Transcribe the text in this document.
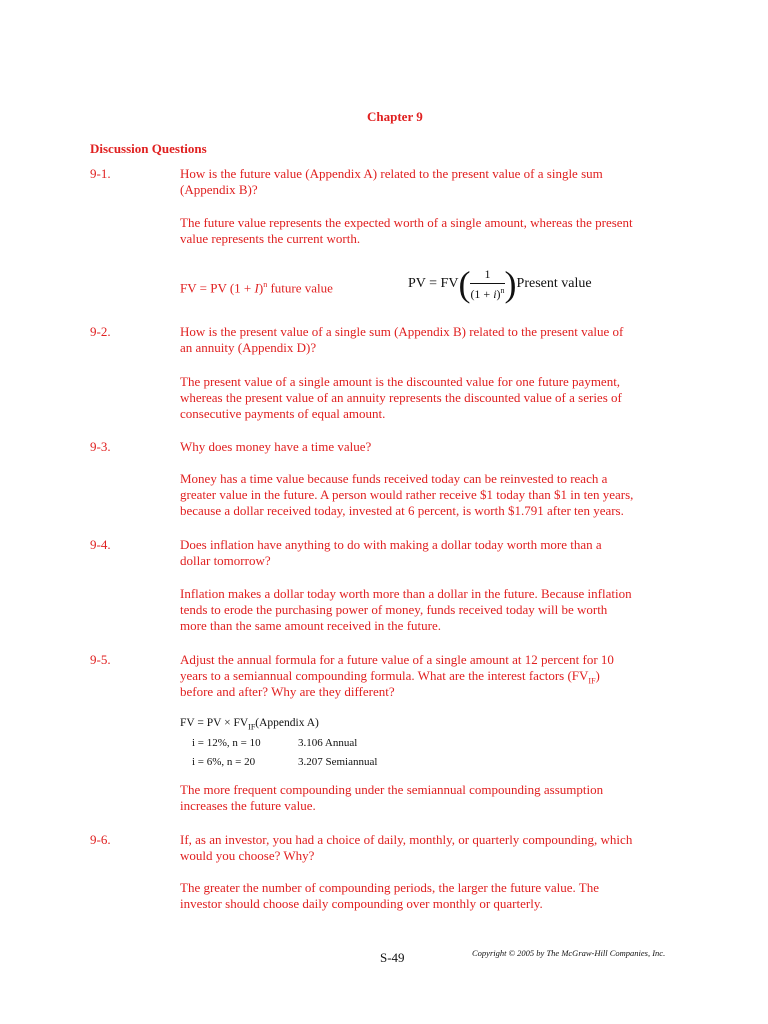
Chapter 9
Discussion Questions
9-1.	How is the future value (Appendix A) related to the present value of a single sum
(Appendix B)?
The future value represents the expected worth of a single amount, whereas the present
value represents the current worth.
FV = PV $(1 + I)^n$ future value	PV = FV ( $\frac{1}{(1 + i)^n}$ ) Present value
9-2.	How is the present value of a single sum (Appendix B) related to the present value of
an annuity (Appendix D)?
The present value of a single amount is the discounted value for one future payment,
whereas the present value of an annuity represents the discounted value of a series of
consecutive payments of equal amount.
9-3.	Why does money have a time value?
Money has a time value because funds received today can be reinvested to reach a
greater value in the future. A person would rather receive $1 today than $1 in ten years,
because a dollar received today, invested at 6 percent, is worth $1.791 after ten years.
9-4.	Does inflation have anything to do with making a dollar today worth more than a
dollar tomorrow?
Inflation makes a dollar today worth more than a dollar in the future. Because inflation
tends to erode the purchasing power of money, funds received today will be worth
more than the same amount received in the future.
9-5.	Adjust the annual formula for a future value of a single amount at 12 percent for 10
years to a semiannual compounding formula. What are the interest factors $(FV_{IF})$
before and after? Why are they different?
FV = PV × $FV_{IF}(Appendix$ A)
i = 12%, n = 10	3.106 Annual
i = 6%, n = 20	3.207 Semiannual
The more frequent compounding under the semiannual compounding assumption
increases the future value.
9-6.	If, as an investor, you had a choice of daily, monthly, or quarterly compounding, which
would you choose? Why?
The greater the number of compounding periods, the larger the future value. The
investor should choose daily compounding over monthly or quarterly.
S-49	Copyright © 2005 by The McGraw-Hill Companies, Inc.
